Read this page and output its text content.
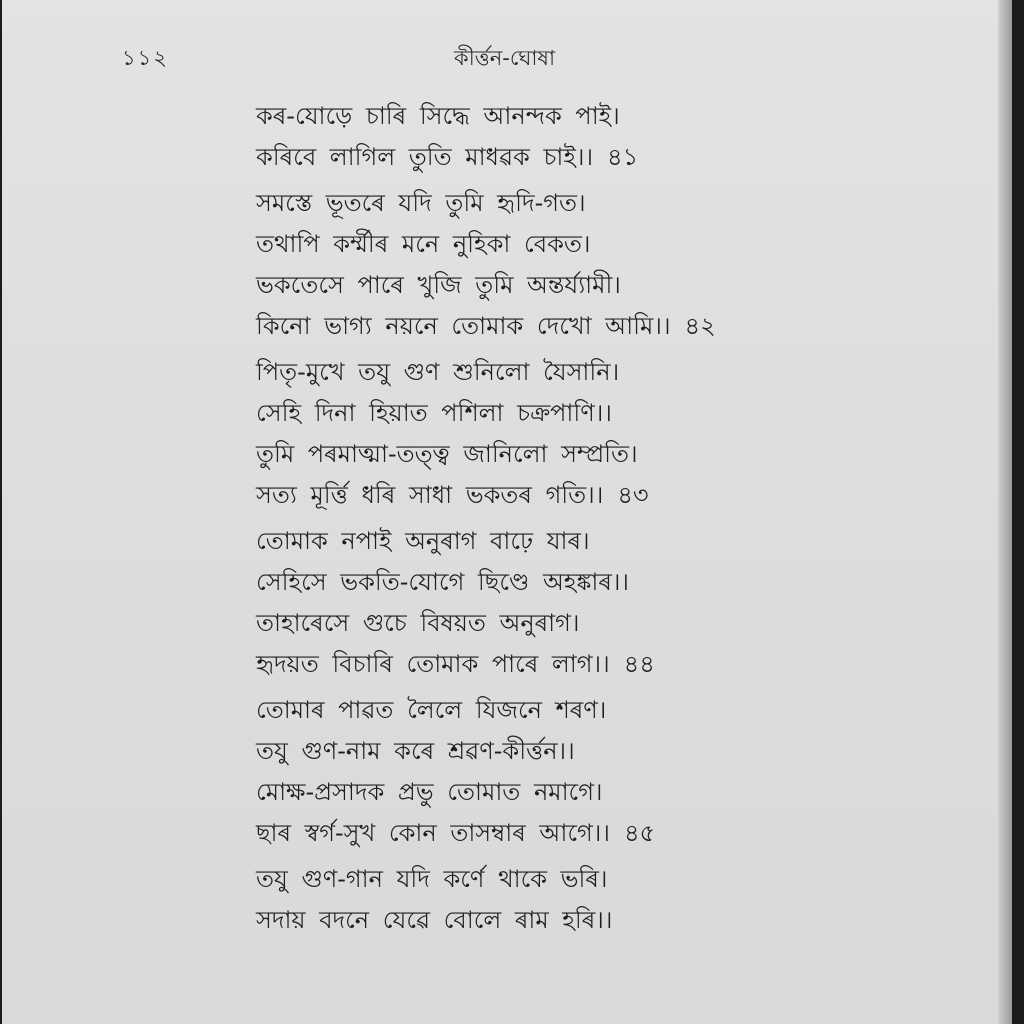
১১২	কীৰ্ত্তন-ঘোষা
কৰ-যোড়ে চাৰি সিদ্ধে আনন্দক পাই।
কৰিবে লাগিল তুতি মাধৱক চাই।। ৪১
সমস্তে ভূতৰে যদি তুমি হৃদি-গত।
তথাপি কৰ্ম্মীৰ মনে নুহিকা বেকত।
ভকতেসে পাৰে খুজি তুমি অন্তৰ্য্যামী।
কিনো ভাগ্য নয়নে তোমাক দেখো আমি।। ৪২
পিতৃ-মুখে তযু গুণ শুনিলো যৈসানি।
সেহি দিনা হিয়াত পশিলা চক্ৰপাণি।।
তুমি পৰমাত্মা-তত্ত্ব জানিলো সম্প্ৰতি।
সত্য মূৰ্ত্তি ধৰি সাধা ভকতৰ গতি।। ৪৩
তোমাক নপাই অনুৰাগ বাঢ়ে যাৰ।
সেহিসে ভকতি-যোগে ছিণ্ডে অহঙ্কাৰ।।
তাহাৰেসে গুচে বিষয়ত অনুৰাগ।
হৃদয়ত বিচাৰি তোমাক পাৰে লাগ।। ৪৪
তোমাৰ পাৱত লৈলে যিজনে শৰণ।
তযু গুণ-নাম কৰে শ্ৰৱণ-কীৰ্ত্তন।।
মোক্ষ-প্ৰসাদক প্ৰভু তোমাত নমাগে।
ছাৰ স্বৰ্গ-সুখ কোন তাসম্বাৰ আগে।। ৪৫
তযু গুণ-গান যদি কৰ্ণে থাকে ভৰি।
সদায় বদনে যেৱে বোলে ৰাম হৰি।।
